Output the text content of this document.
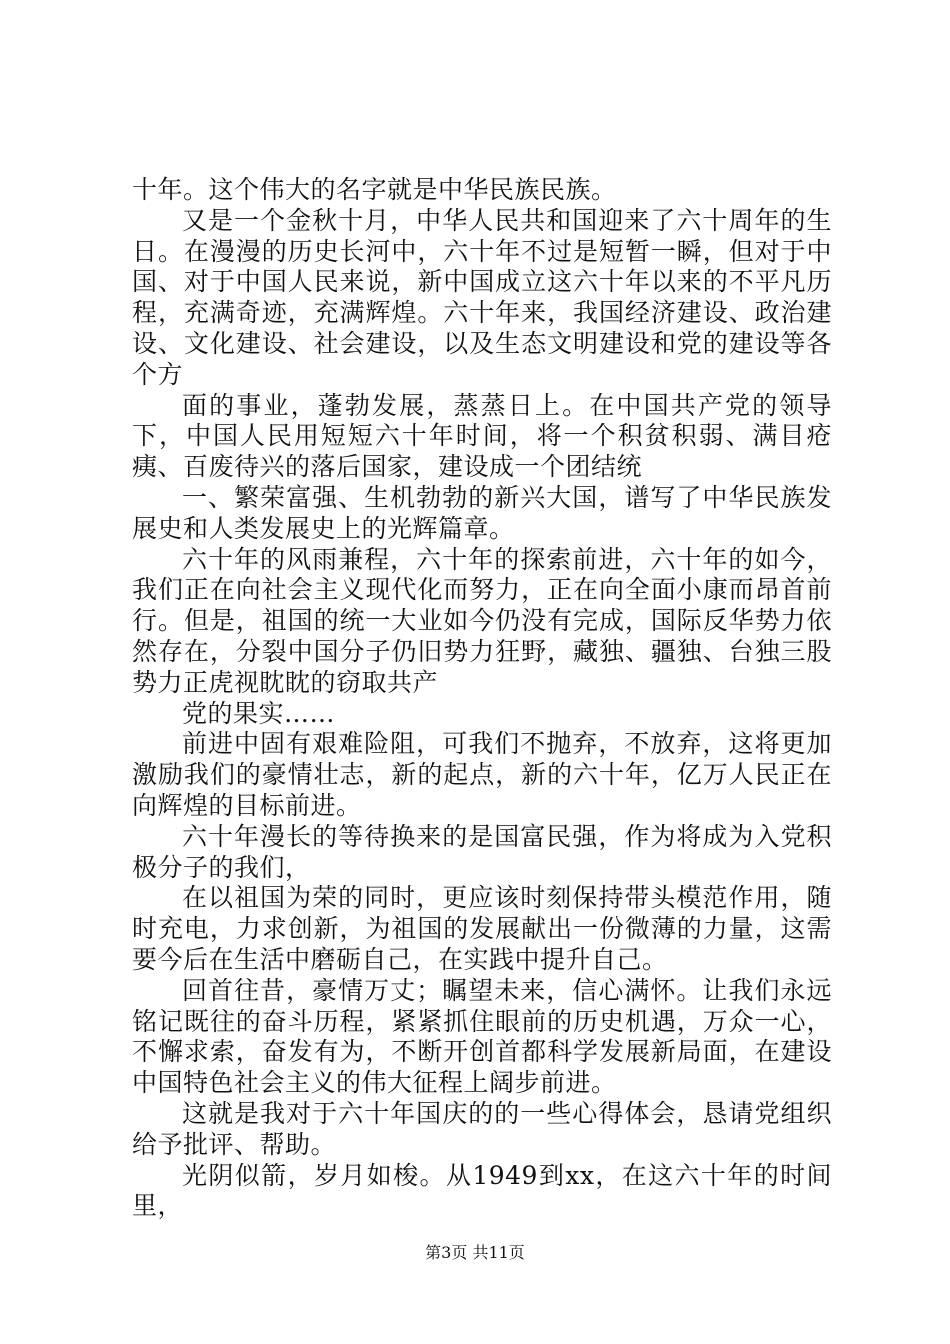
十年。这个伟大的名字就是中华民族民族。

又是一个金秋十月，中华人民共和国迎来了六十周年的生日。在漫漫的历史长河中，六十年不过是短暂一瞬，但对于中国、对于中国人民来说，新中国成立这六十年以来的不平凡历程，充满奇迹，充满辉煌。六十年来，我国经济建设、政治建设、文化建设、社会建设，以及生态文明建设和党的建设等各个方

面的事业，蓬勃发展，蒸蒸日上。在中国共产党的领导下，中国人民用短短六十年时间，将一个积贫积弱、满目疮痍、百废待兴的落后国家，建设成一个团结统

一、繁荣富强、生机勃勃的新兴大国，谱写了中华民族发展史和人类发展史上的光辉篇章。

六十年的风雨兼程，六十年的探索前进，六十年的如今，我们正在向社会主义现代化而努力，正在向全面小康而昂首前行。但是，祖国的统一大业如今仍没有完成，国际反华势力依然存在，分裂中国分子仍旧势力狂野，藏独、疆独、台独三股势力正虎视眈眈的窃取共产

党的果实……

前进中固有艰难险阻，可我们不抛弃，不放弃，这将更加激励我们的豪情壮志，新的起点，新的六十年，亿万人民正在向辉煌的目标前进。

六十年漫长的等待换来的是国富民强，作为将成为入党积极分子的我们，

在以祖国为荣的同时，更应该时刻保持带头模范作用，随时充电，力求创新，为祖国的发展献出一份微薄的力量，这需要今后在生活中磨砺自己，在实践中提升自己。

回首往昔，豪情万丈；瞩望未来，信心满怀。让我们永远铭记既往的奋斗历程，紧紧抓住眼前的历史机遇，万众一心，不懈求索，奋发有为，不断开创首都科学发展新局面，在建设中国特色社会主义的伟大征程上阔步前进。

这就是我对于六十年国庆的的一些心得体会，恳请党组织给予批评、帮助。

光阴似箭，岁月如梭。从1949到xx，在这六十年的时间里，

第3页 共11页
